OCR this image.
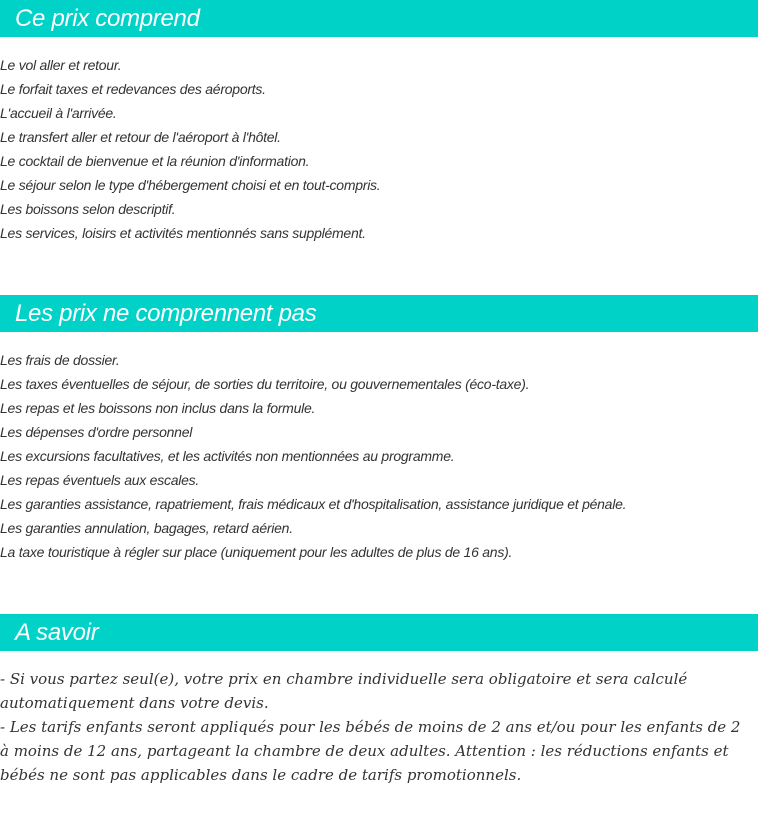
Ce prix comprend
Le vol aller et retour.
Le forfait taxes et redevances des aéroports.
L'accueil à l'arrivée.
Le transfert aller et retour de l'aéroport à l'hôtel.
Le cocktail de bienvenue et la réunion d'information.
Le séjour selon le type d'hébergement choisi et en tout-compris.
Les boissons selon descriptif.
Les services, loisirs et activités mentionnés sans supplément.
Les prix ne comprennent pas
Les frais de dossier.
Les taxes éventuelles de séjour, de sorties du territoire, ou gouvernementales (éco-taxe).
Les repas et les boissons non inclus dans la formule.
Les dépenses d'ordre personnel
Les excursions facultatives, et les activités non mentionnées au programme.
Les repas éventuels aux escales.
Les garanties assistance, rapatriement, frais médicaux et d'hospitalisation, assistance juridique et pénale.
Les garanties annulation, bagages, retard aérien.
La taxe touristique à régler sur place (uniquement pour les adultes de plus de 16 ans).
A savoir

- Si vous partez seul(e), votre prix en chambre individuelle sera obligatoire et sera calculé automatiquement dans votre devis.

- Les tarifs enfants seront appliqués pour les bébés de moins de 2 ans et/ou pour les enfants de 2 à moins de 12 ans, partageant la chambre de deux adultes. Attention : les réductions enfants et bébés ne sont pas applicables dans le cadre de tarifs promotionnels.
